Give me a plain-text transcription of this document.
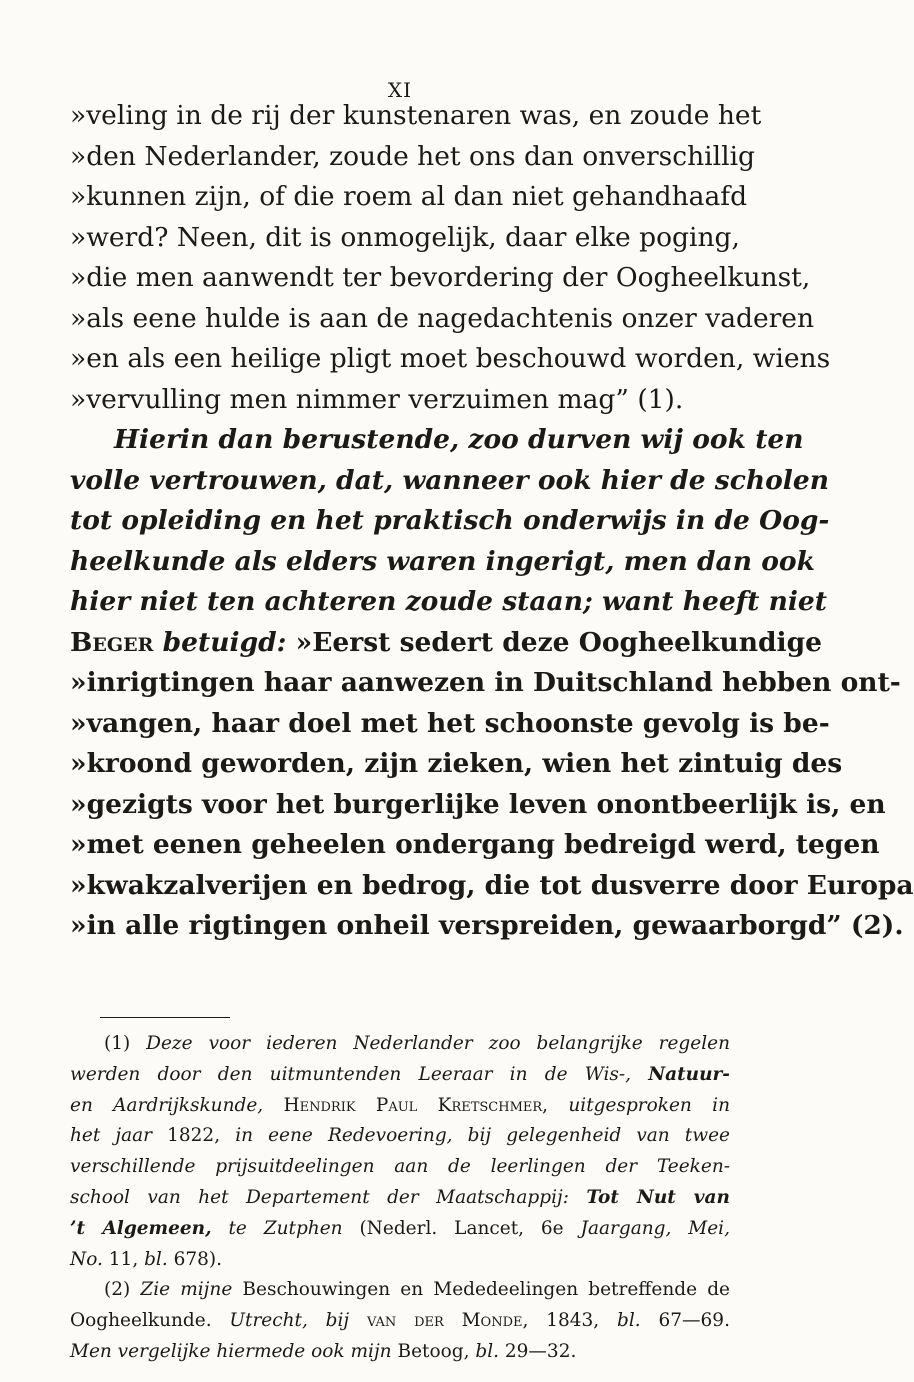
XI
»veling in de rij der kunstenaren was, en zoude het
»den Nederlander, zoude het ons dan onverschillig
»kunnen zijn, of die roem al dan niet gehandhaafd
»werd? Neen, dit is onmogelijk, daar elke poging,
»die men aanwendt ter bevordering der Oogheelkunst,
»als eene hulde is aan de nagedachtenis onzer vaderen
»en als een heilige pligt moet beschouwd worden, wiens
»vervulling men nimmer verzuimen mag” (1).
Hierin dan berustende, zoo durven wij ook ten
volle vertrouwen, dat, wanneer ook hier de scholen
tot opleiding en het praktisch onderwijs in de Oog-
heelkunde als elders waren ingerigt, men dan ook
hier niet ten achteren zoude staan; want heeft niet
Beger betuigd: »Eerst sedert deze Oogheelkundige
»inrigtingen haar aanwezen in Duitschland hebben ont-
»vangen, haar doel met het schoonste gevolg is be-
»kroond geworden, zijn zieken, wien het zintuig des
»gezigts voor het burgerlijke leven onontbeerlijk is, en
»met eenen geheelen ondergang bedreigd werd, tegen
»kwakzalverijen en bedrog, die tot dusverre door Europa
»in alle rigtingen onheil verspreiden, gewaarborgd” (2).
(1) Deze voor iederen Nederlander zoo belangrijke regelen
werden door den uitmuntenden Leeraar in de Wis-, Natuur-
en Aardrijkskunde, Hendrik Paul Kretschmer, uitgesproken in
het jaar 1822, in eene Redevoering, bij gelegenheid van twee
verschillende prijsuitdeelingen aan de leerlingen der Teeken-
school van het Departement der Maatschappij: Tot Nut van
’t Algemeen, te Zutphen (Nederl. Lancet, 6e Jaargang, Mei,
No. 11, bl. 678).
(2) Zie mijne Beschouwingen en Mededeelingen betreffende de
Oogheelkunde. Utrecht, bij van der Monde, 1843, bl. 67—69.
Men vergelijke hiermede ook mijn Betoog, bl. 29—32.
